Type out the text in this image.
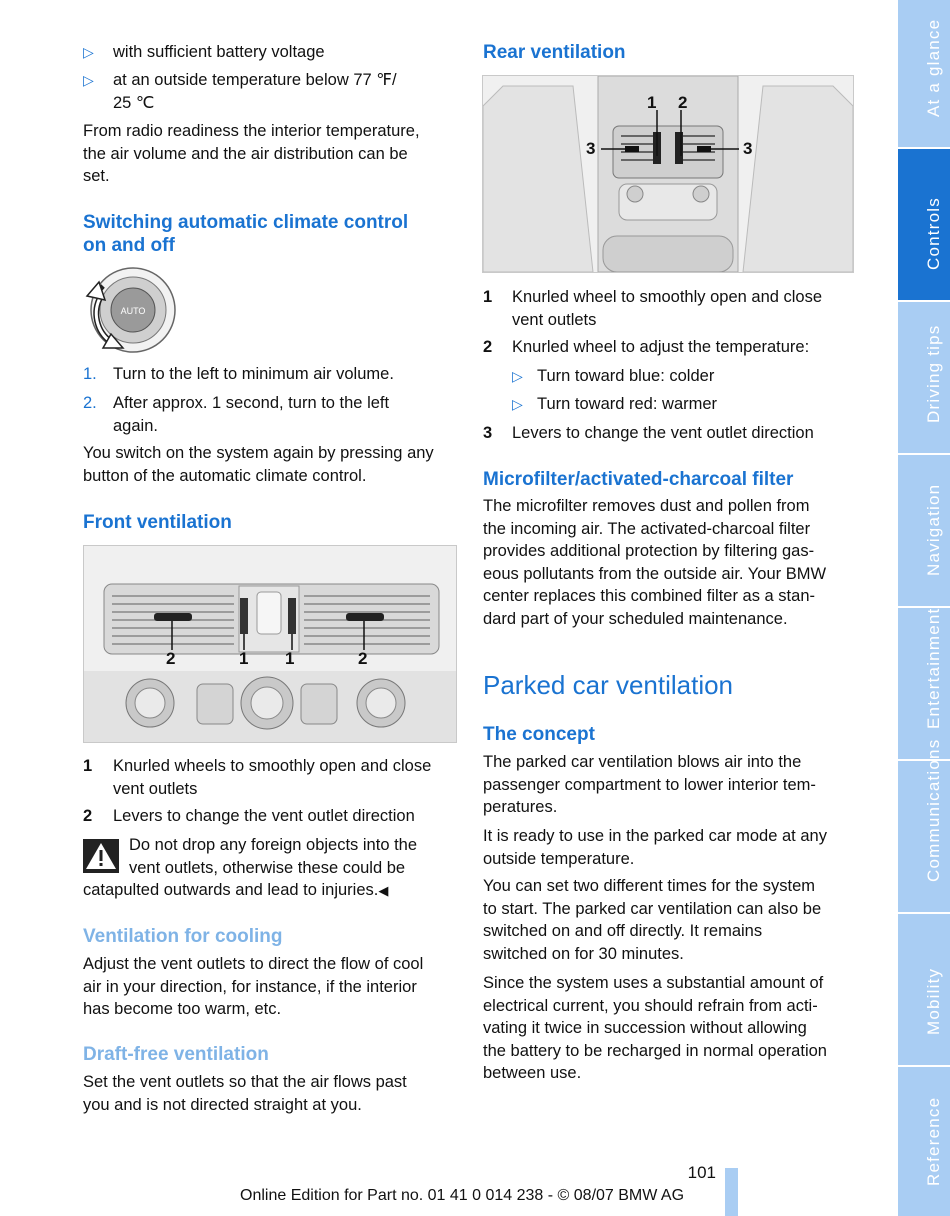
▷ with sufficient battery voltage
▷ at an outside temperature below 77 ℉/
25 ℃

From radio readiness the interior temperature,
the air volume and the air distribution can be
set.

Switching automatic climate control
on and off
AUTO
1. Turn to the left to minimum air volume.
2. After approx. 1 second, turn to the left
again.

You switch on the system again by pressing any
button of the automatic climate control.

Front ventilation
2	1 1	2
1 Knurled wheels to smoothly open and close
vent outlets
2 Levers to change the vent outlet direction
Do not drop any foreign objects into the
vent outlets, otherwise these could be
catapulted outwards and lead to injuries.◀
Ventilation for cooling

Adjust the vent outlets to direct the flow of cool
air in your direction, for instance, if the interior
has become too warm, etc.

Draft-free ventilation

Set the vent outlets so that the air flows past
you and is not directed straight at you.

Rear ventilation
1 2
3	3
1 Knurled wheel to smoothly open and close
vent outlets
2 Knurled wheel to adjust the temperature:
▷ Turn toward blue: colder
▷ Turn toward red: warmer
3 Levers to change the vent outlet direction
Microfilter/activated-charcoal filter

The microfilter removes dust and pollen from
the incoming air. The activated-charcoal filter
provides additional protection by filtering gas-
eous pollutants from the outside air. Your BMW
center replaces this combined filter as a stan-
dard part of your scheduled maintenance.

Parked car ventilation
The concept

The parked car ventilation blows air into the
passenger compartment to lower interior tem-
peratures.

It is ready to use in the parked car mode at any
outside temperature.

You can set two different times for the system
to start. The parked car ventilation can also be
switched on and off directly. It remains
switched on for 30 minutes.

Since the system uses a substantial amount of
electrical current, you should refrain from acti-
vating it twice in succession without allowing
the battery to be recharged in normal operation
between use.

101
Online Edition for Part no. 01 41 0 014 238 - © 08/07 BMW AG
At a glance
Controls
Driving tips
Navigation
Entertainment
Communications
Mobility
Reference
